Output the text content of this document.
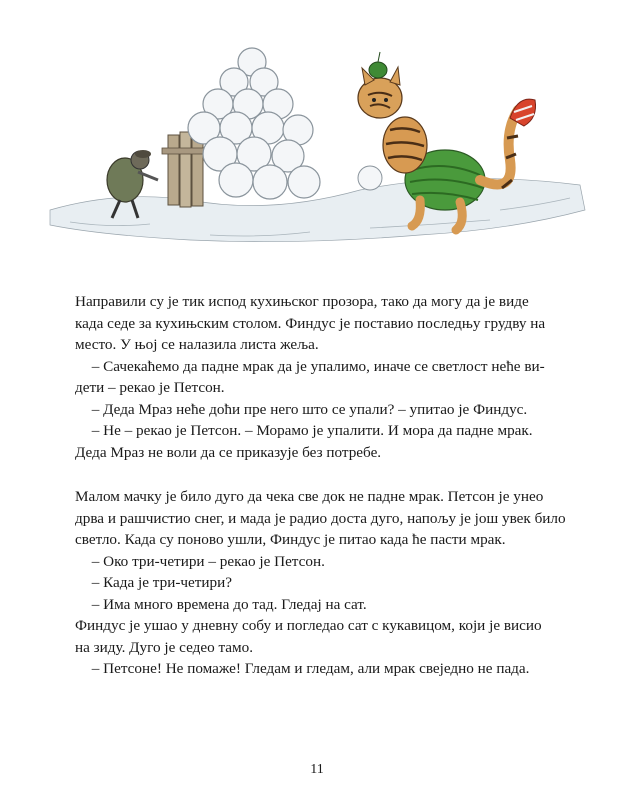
Направили су је тик испод кухињског прозора, тако да могу да је виде

када седе за кухињским столом. Финдус је поставио последњу грудву на

место. У њој се налазила листа жеља.

– Сачекаћемо да падне мрак да је упалимо, иначе се светлост неће ви-

дети – рекао је Петсон.

– Деда Мраз неће доћи пре него што се упали? – упитао је Финдус.

– Не – рекао је Петсон. – Морамо је упалити. И мора да падне мрак.

Деда Мраз не воли да се приказује без потребе.

Малом мачку је било дуго да чека све док не падне мрак. Петсон је унео

дрва и рашчистио снег, и мада је радио доста дуго, напољу је још увек било

светло. Када су поново ушли, Финдус је питао када ће пасти мрак.

– Око три-четири – рекао је Петсон.

– Када је три-четири?

– Има много времена до тад. Гледај на сат.

Финдус је ушао у дневну собу и погледао сат с кукавицом, који је висио

на зиду. Дуго је седео тамо.

– Петсоне! Не помаже! Гледам и гледам, али мрак свеједно не пада.

11
